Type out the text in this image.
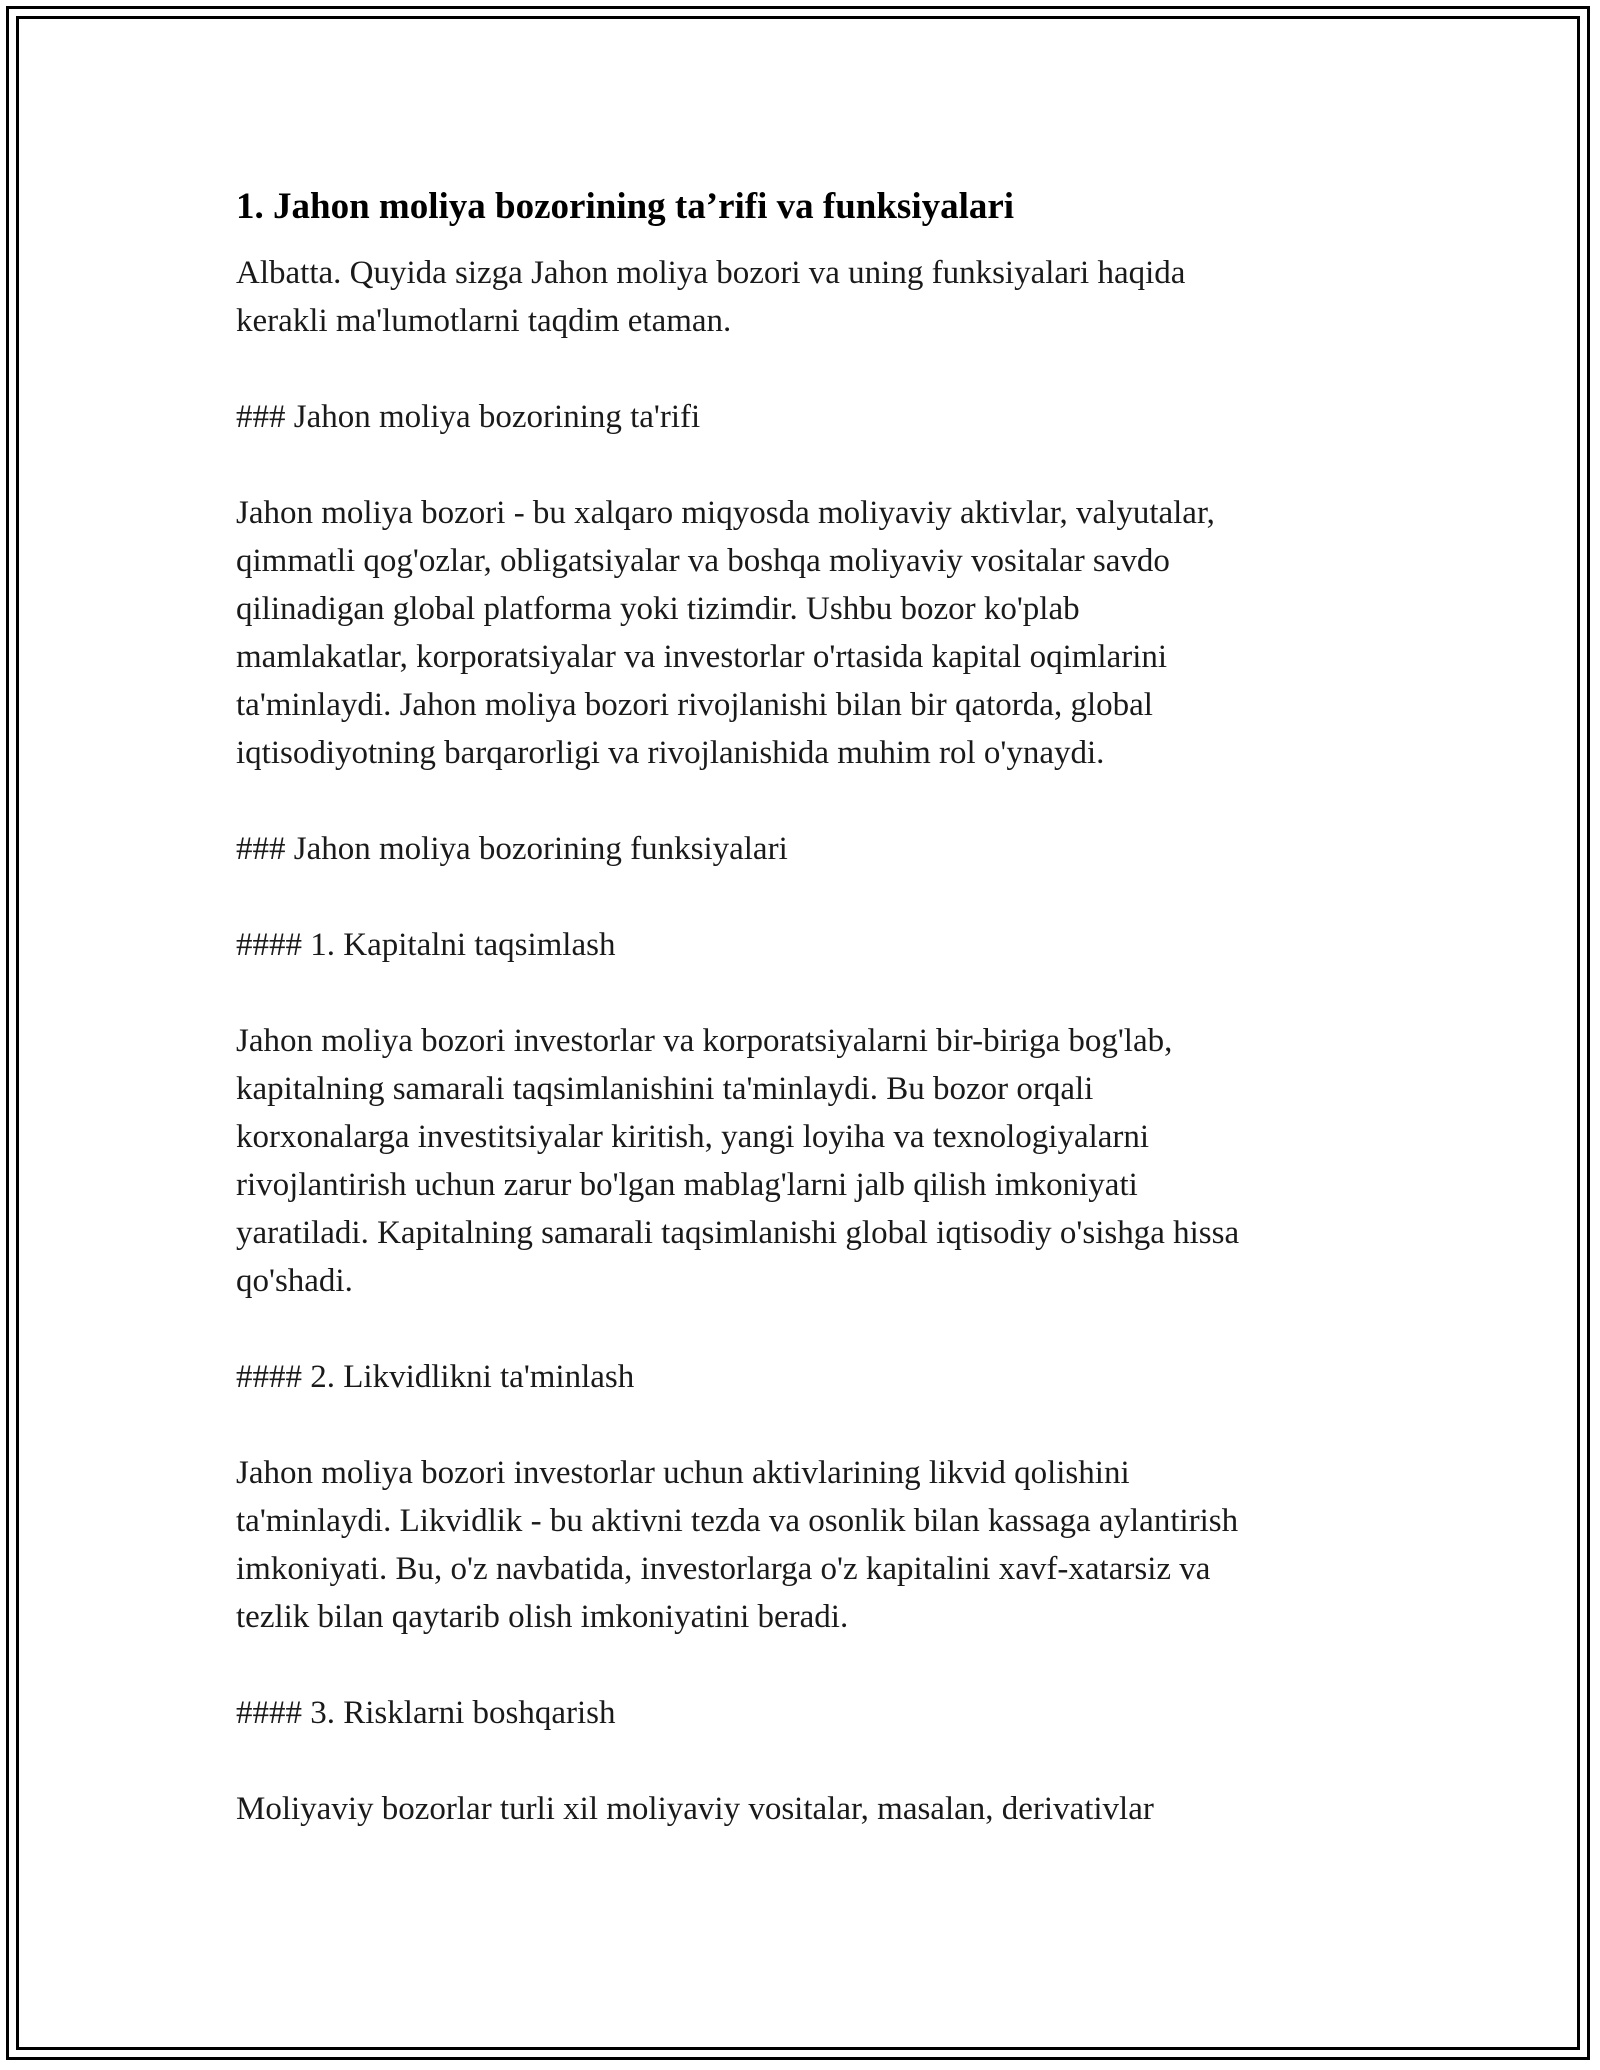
1. Jahon moliya bozorining ta’rifi va funksiyalari

Albatta. Quyida sizga Jahon moliya bozori va uning funksiyalari haqida
kerakli ma'lumotlarni taqdim etaman.

### Jahon moliya bozorining ta'rifi

Jahon moliya bozori - bu xalqaro miqyosda moliyaviy aktivlar, valyutalar,
qimmatli qog'ozlar, obligatsiyalar va boshqa moliyaviy vositalar savdo
qilinadigan global platforma yoki tizimdir. Ushbu bozor ko'plab
mamlakatlar, korporatsiyalar va investorlar o'rtasida kapital oqimlarini
ta'minlaydi. Jahon moliya bozori rivojlanishi bilan bir qatorda, global
iqtisodiyotning barqarorligi va rivojlanishida muhim rol o'ynaydi.

### Jahon moliya bozorining funksiyalari

#### 1. Kapitalni taqsimlash

Jahon moliya bozori investorlar va korporatsiyalarni bir-biriga bog'lab,
kapitalning samarali taqsimlanishini ta'minlaydi. Bu bozor orqali
korxonalarga investitsiyalar kiritish, yangi loyiha va texnologiyalarni
rivojlantirish uchun zarur bo'lgan mablag'larni jalb qilish imkoniyati
yaratiladi. Kapitalning samarali taqsimlanishi global iqtisodiy o'sishga hissa
qo'shadi.

#### 2. Likvidlikni ta'minlash

Jahon moliya bozori investorlar uchun aktivlarining likvid qolishini
ta'minlaydi. Likvidlik - bu aktivni tezda va osonlik bilan kassaga aylantirish
imkoniyati. Bu, o'z navbatida, investorlarga o'z kapitalini xavf-xatarsiz va
tezlik bilan qaytarib olish imkoniyatini beradi.

#### 3. Risklarni boshqarish

Moliyaviy bozorlar turli xil moliyaviy vositalar, masalan, derivativlar
